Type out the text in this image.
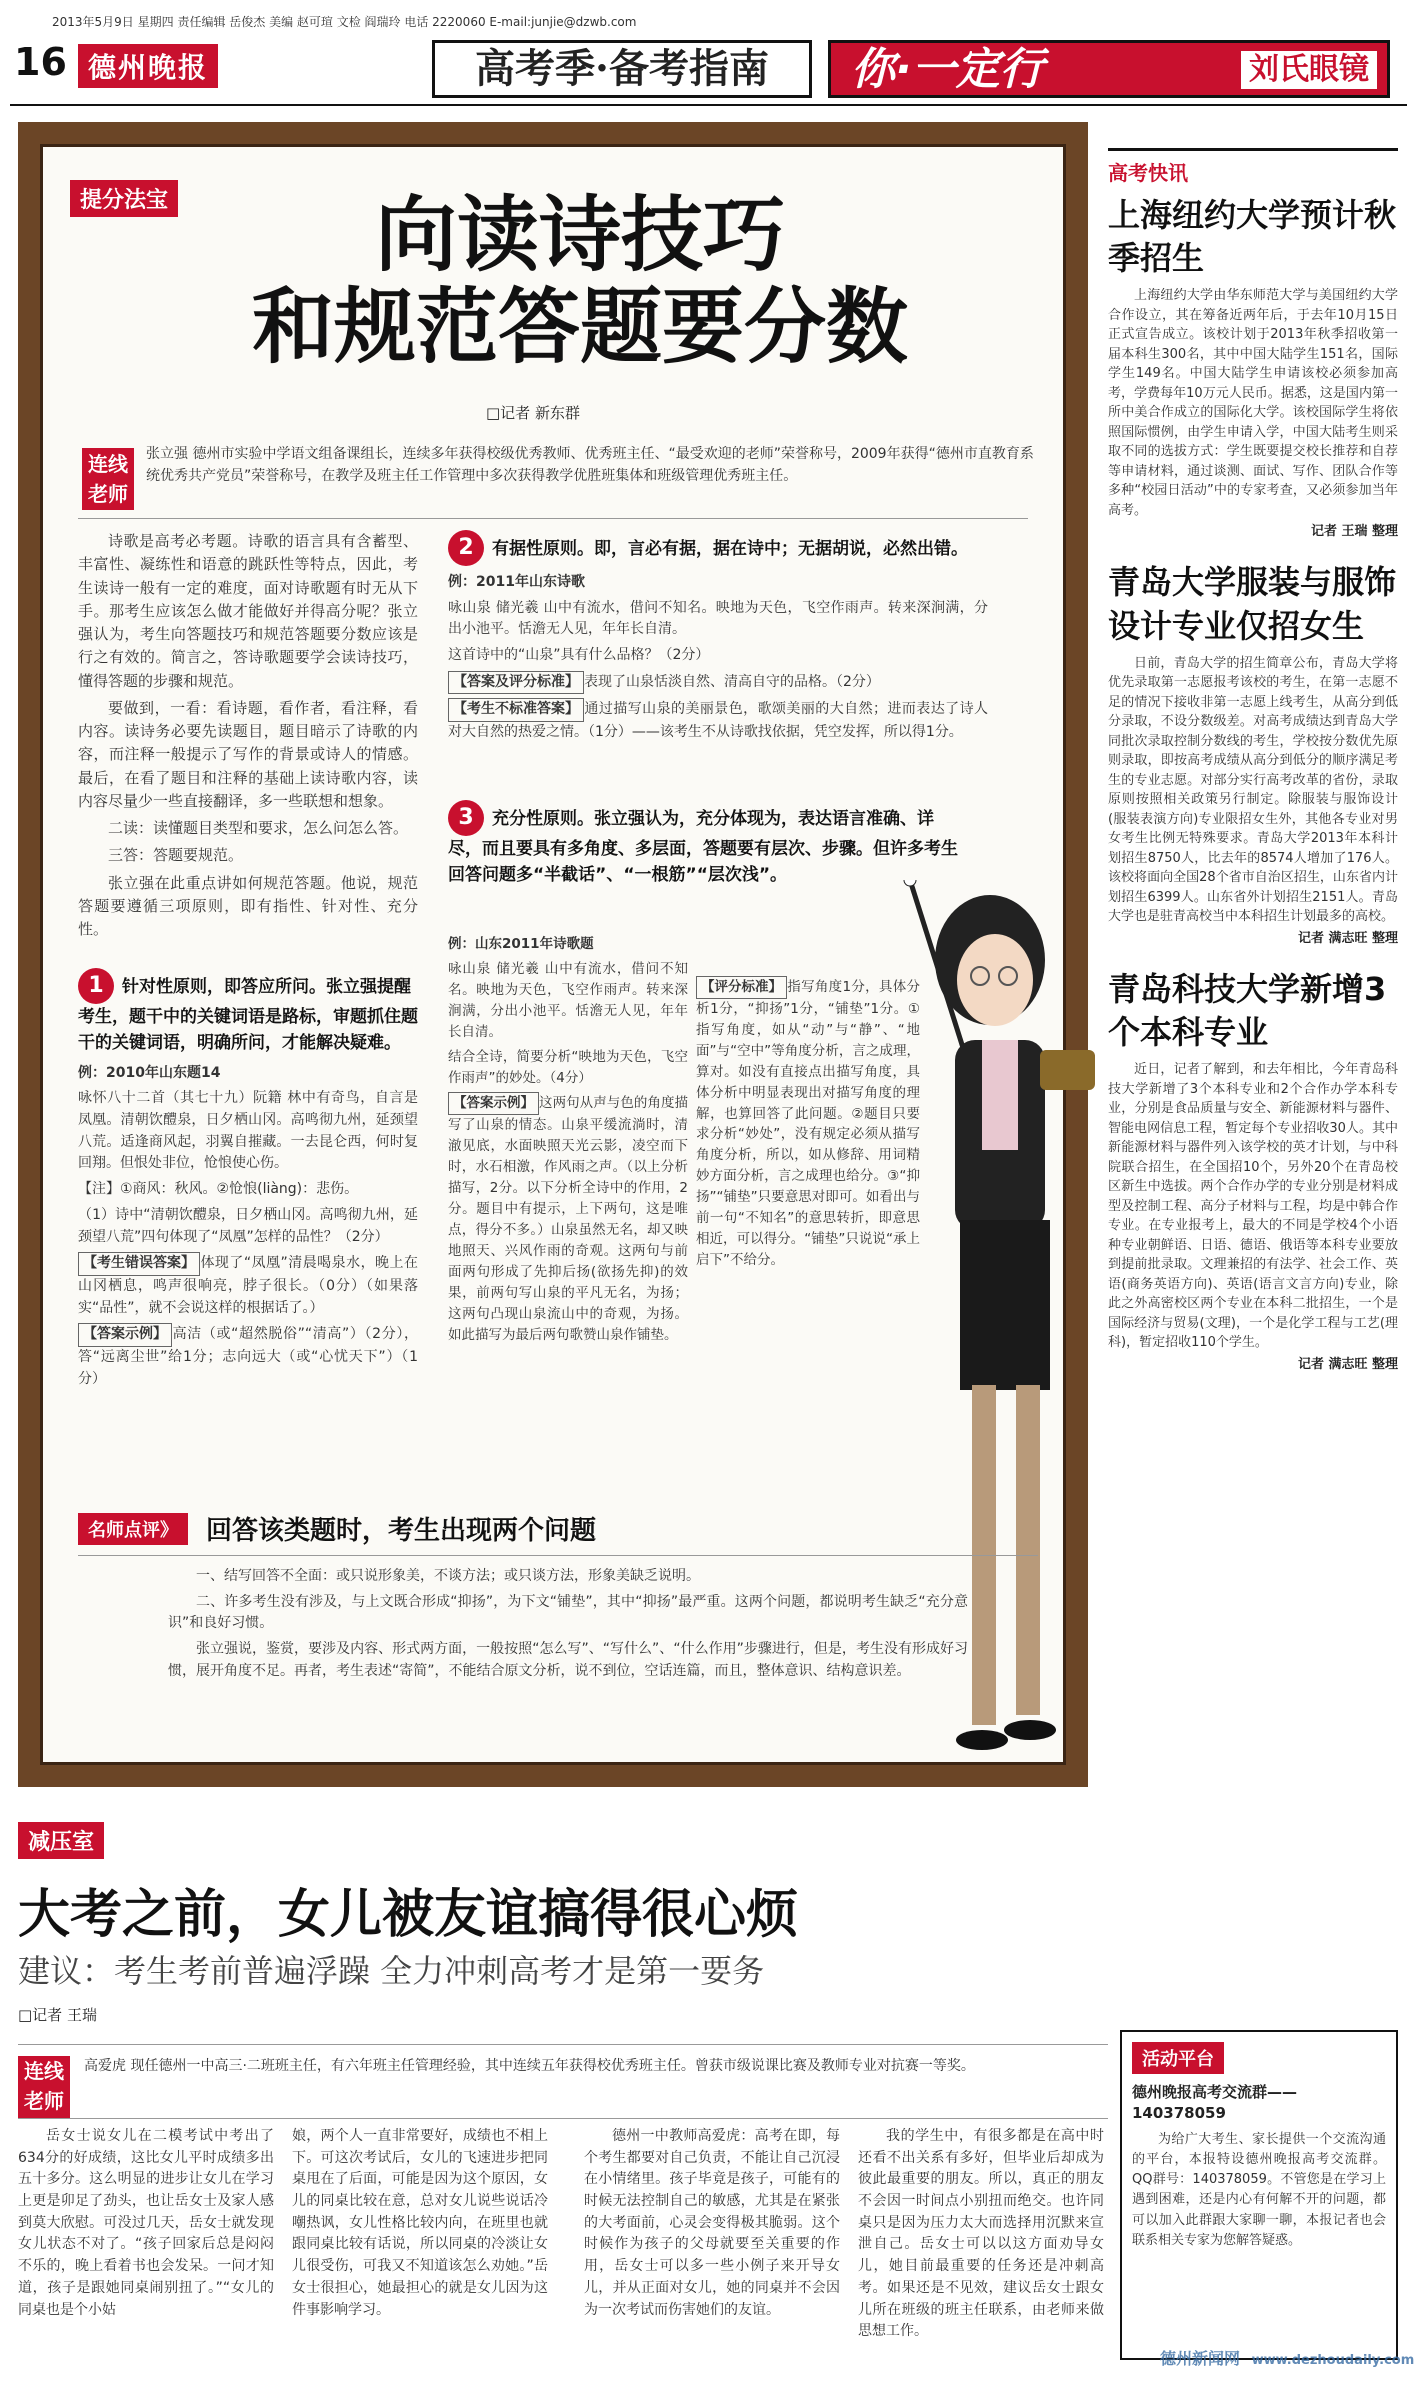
2013年5月9日 星期四 责任编辑 岳俊杰 美编 赵可瑄 文检 阎瑞玲 电话 2220060 E-mail:junjie@dzwb.com
16 德州晚报	高考季·备考指南	你·一定行	刘氏眼镜
提分法宝	向读诗技巧
和规范答题要分数
□记者 新东群
连线老师
张立强 德州市实验中学语文组备课组长，连续多年获得校级优秀教师、优秀班主任、“最受欢迎的老师”荣誉称号，2009年获得“德州市直教育系统优秀共产党员”荣誉称号，在教学及班主任工作管理中多次获得教学优胜班集体和班级管理优秀班主任。

诗歌是高考必考题。诗歌的语言具有含蓄型、丰富性、凝练性和语意的跳跃性等特点，因此，考生读诗一般有一定的难度，面对诗歌题有时无从下手。那考生应该怎么做才能做好并得高分呢？张立强认为，考生向答题技巧和规范答题要分数应该是行之有效的。简言之，答诗歌题要学会读诗技巧，懂得答题的步骤和规范。

要做到，一看：看诗题，看作者，看注释，看内容。读诗务必要先读题目，题目暗示了诗歌的内容，而注释一般提示了写作的背景或诗人的情感。最后，在看了题目和注释的基础上读诗歌内容，读内容尽量少一些直接翻译，多一些联想和想象。

二读：读懂题目类型和要求，怎么问怎么答。

三答：答题要规范。

张立强在此重点讲如何规范答题。他说，规范答题要遵循三项原则，即有指性、针对性、充分性。

1 针对性原则，即答应所问。张立强提醒考生，题干中的关键词语是路标，审题抓住题干的关键词语，明确所问，才能解决疑难。

例：2010年山东题14

咏怀八十二首（其七十九）阮籍 林中有奇鸟，自言是凤凰。清朝饮醴泉，日夕栖山冈。高鸣彻九州，延颈望八荒。适逢商风起，羽翼自摧藏。一去昆仑西，何时复回翔。但恨处非位，怆悢使心伤。

【注】①商风：秋风。②怆悢(liàng)：悲伤。

（1）诗中“清朝饮醴泉，日夕栖山冈。高鸣彻九州，延颈望八荒”四句体现了“凤凰”怎样的品性？（2分）

【考生错误答案】 体现了“凤凰”清晨喝泉水，晚上在山冈栖息，鸣声很响亮，脖子很长。（0分）（如果落实“品性”，就不会说这样的根据话了。）

【答案示例】 高洁（或“超然脱俗”“清高”）（2分），答“远离尘世”给1分；志向远大（或“心忧天下”）（1分）

2 有据性原则。即，言必有据，据在诗中；无据胡说，必然出错。

例：2011年山东诗歌

咏山泉 储光羲 山中有流水，借问不知名。映地为天色，飞空作雨声。转来深涧满，分出小池平。恬澹无人见，年年长自清。

这首诗中的“山泉”具有什么品格？（2分）

【答案及评分标准】 表现了山泉恬淡自然、清高自守的品格。（2分）

【考生不标准答案】 通过描写山泉的美丽景色，歌颂美丽的大自然；进而表达了诗人对大自然的热爱之情。（1分）——该考生不从诗歌找依据，凭空发挥，所以得1分。

3 充分性原则。张立强认为，充分体现为，表达语言准确、详尽，而且要具有多角度、多层面，答题要有层次、步骤。但许多考生回答问题多“半截话”、“一根筋”“层次浅”。

例：山东2011年诗歌题

咏山泉 储光羲 山中有流水，借问不知名。映地为天色，飞空作雨声。转来深涧满，分出小池平。恬澹无人见，年年长自清。

结合全诗，简要分析“映地为天色，飞空作雨声”的妙处。（4分）

【答案示例】 这两句从声与色的角度描写了山泉的情态。山泉平缓流淌时，清澈见底，水面映照天光云影，凌空而下时，水石相激，作风雨之声。（以上分析描写，2分。以下分析全诗中的作用，2分。题目中有提示，上下两句，这是唯点，得分不多。）山泉虽然无名，却又映地照天、兴风作雨的奇观。这两句与前面两句形成了先抑后扬(欲扬先抑)的效果，前两句写山泉的平凡无名，为扬；这两句凸现山泉流山中的奇观，为扬。如此描写为最后两句歌赞山泉作铺垫。

【评分标准】 指写角度1分，具体分析1分，“抑扬”1分，“铺垫”1分。①指写角度，如从“动”与“静”、“地面”与“空中”等角度分析，言之成理，算对。如没有直接点出描写角度，具体分析中明显表现出对描写角度的理解，也算回答了此问题。②题目只要求分析“妙处”，没有规定必须从描写角度分析，所以，如从修辞、用词精妙方面分析，言之成理也给分。③“抑扬”“铺垫”只要意思对即可。如看出与前一句“不知名”的意思转折，即意思相近，可以得分。“铺垫”只说说“承上启下”不给分。

名师点评》	回答该类题时，考生出现两个问题

一、结写回答不全面：或只说形象美，不谈方法；或只谈方法，形象美缺乏说明。

二、许多考生没有涉及，与上文既合形成“抑扬”，为下文“铺垫”，其中“抑扬”最严重。这两个问题，都说明考生缺乏“充分意识”和良好习惯。

张立强说，鉴赏，要涉及内容、形式两方面，一般按照“怎么写”、“写什么”、“什么作用”步骤进行，但是，考生没有形成好习惯，展开角度不足。再者，考生表述“寄简”，不能结合原文分析，说不到位，空话连篇，而且，整体意识、结构意识差。

高考快讯
上海纽约大学预计秋季招生
上海纽约大学由华东师范大学与美国纽约大学合作设立，其在筹备近两年后，于去年10月15日正式宣告成立。该校计划于2013年秋季招收第一届本科生300名，其中中国大陆学生151名，国际学生149名。中国大陆学生申请该校必须参加高考，学费每年10万元人民币。据悉，这是国内第一所中美合作成立的国际化大学。该校国际学生将依照国际惯例，由学生申请入学，中国大陆考生则采取不同的选拔方式：学生既要提交校长推荐和自荐等申请材料，通过谈测、面试、写作、团队合作等多种“校园日活动”中的专家考查，又必须参加当年高考。
记者 王瑞 整理
青岛大学服装与服饰设计专业仅招女生
日前，青岛大学的招生简章公布，青岛大学将优先录取第一志愿报考该校的考生，在第一志愿不足的情况下接收非第一志愿上线考生，从高分到低分录取，不设分数级差。对高考成绩达到青岛大学同批次录取控制分数线的考生，学校按分数优先原则录取，即按高考成绩从高分到低分的顺序满足考生的专业志愿。对部分实行高考改革的省份，录取原则按照相关政策另行制定。除服装与服饰设计(服装表演方向)专业限招女生外，其他各专业对男女考生比例无特殊要求。青岛大学2013年本科计划招生8750人，比去年的8574人增加了176人。该校将面向全国28个省市自治区招生，山东省内计划招生6399人。山东省外计划招生2151人。青岛大学也是驻青高校当中本科招生计划最多的高校。
记者 满志旺 整理
青岛科技大学新增3个本科专业
近日，记者了解到，和去年相比，今年青岛科技大学新增了3个本科专业和2个合作办学本科专业，分别是食品质量与安全、新能源材料与器件、智能电网信息工程，暂定每个专业招收30人。其中新能源材料与器件列入该学校的英才计划，与中科院联合招生，在全国招10个，另外20个在青岛校区新生中选拔。两个合作办学的专业分别是材料成型及控制工程、高分子材料与工程，均是中韩合作专业。在专业报考上，最大的不同是学校4个小语种专业朝鲜语、日语、德语、俄语等本科专业要放到提前批录取。文理兼招的有法学、社会工作、英语(商务英语方向)、英语(语言文言方向)专业，除此之外高密校区两个专业在本科二批招生，一个是国际经济与贸易(文理)，一个是化学工程与工艺(理科)，暂定招收110个学生。
记者 满志旺 整理
活动平台
德州晚报高考交流群——140378059
为给广大考生、家长提供一个交流沟通的平台，本报特设德州晚报高考交流群。QQ群号：140378059。不管您是在学习上遇到困难，还是内心有何解不开的问题，都可以加入此群跟大家聊一聊，本报记者也会联系相关专家为您解答疑惑。
减压室
大考之前，女儿被友谊搞得很心烦
建议：考生考前普遍浮躁 全力冲刺高考才是第一要务
□记者 王瑞
连线老师
高爱虎 现任德州一中高三·二班班主任，有六年班主任管理经验，其中连续五年获得校优秀班主任。曾获市级说课比赛及教师专业对抗赛一等奖。
岳女士说女儿在二模考试中考出了634分的好成绩，这比女儿平时成绩多出五十多分。这么明显的进步让女儿在学习上更是卯足了劲头，也让岳女士及家人感到莫大欣慰。可没过几天，岳女士就发现女儿状态不对了。“孩子回家后总是闷闷不乐的，晚上看着书也会发呆。一问才知道，孩子是跟她同桌闹别扭了。”“女儿的同桌也是个小姑
娘，两个人一直非常要好，成绩也不相上下。可这次考试后，女儿的飞速进步把同桌甩在了后面，可能是因为这个原因，女儿的同桌比较在意，总对女儿说些说话冷嘲热讽，女儿性格比较内向，在班里也就跟同桌比较有话说，所以同桌的冷淡让女儿很受伤，可我又不知道该怎么劝她。”岳女士很担心，她最担心的就是女儿因为这件事影响学习。
德州一中教师高爱虎：高考在即，每个考生都要对自己负责，不能让自己沉浸在小情绪里。孩子毕竟是孩子，可能有的时候无法控制自己的敏感，尤其是在紧张的大考面前，心灵会变得极其脆弱。这个时候作为孩子的父母就要至关重要的作用，岳女士可以多一些小例子来开导女儿，并从正面对女儿，她的同桌并不会因为一次考试而伤害她们的友谊。
我的学生中，有很多都是在高中时还看不出关系有多好，但毕业后却成为彼此最重要的朋友。所以，真正的朋友不会因一时间点小别扭而绝交。也许同桌只是因为压力太大而选择用沉默来宣泄自己。岳女士可以以这方面劝导女儿，她目前最重要的任务还是冲刺高考。如果还是不见效，建议岳女士跟女儿所在班级的班主任联系，由老师来做思想工作。
德州新闻网 www.dezhoudaily.com
